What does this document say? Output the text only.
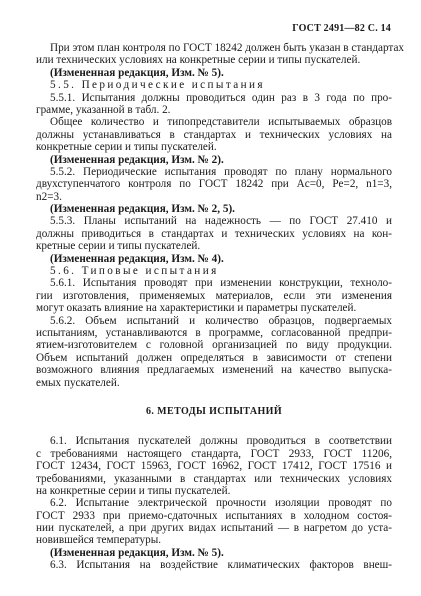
ГОСТ 2491—82 С. 14
При этом план контроля по ГОСТ 18242 должен быть указан в стандартах
или технических условиях на конкретные серии и типы пускателей.
(Измененная редакция, Изм. № 5).
5.5. Периодические испытания
5.5.1. Испытания должны проводиться один раз в 3 года по про-
грамме, указанной в табл. 2.
Общее количество и типопредставители испытываемых образцов
должны устанавливаться в стандартах и технических условиях на
конкретные серии и типы пускателей.
(Измененная редакция, Изм. № 2).
5.5.2. Периодические испытания проводят по плану нормального
двухступенчатого контроля по ГОСТ 18242 при Ac=0, Pe=2, n1=3,
n2=3.
(Измененная редакция, Изм. № 2, 5).
5.5.3. Планы испытаний на надежность — по ГОСТ 27.410 и
должны приводиться в стандартах и технических условиях на кон-
кретные серии и типы пускателей.
(Измененная редакция, Изм. № 4).
5.6. Типовые испытания
5.6.1. Испытания проводят при изменении конструкции, техноло-
гии изготовления, применяемых материалов, если эти изменения
могут оказать влияние на характеристики и параметры пускателей.
5.6.2. Объем испытаний и количество образцов, подвергаемых
испытаниям, устанавливаются в программе, согласованной предпри-
ятием-изготовителем с головной организацией по виду продукции.
Объем испытаний должен определяться в зависимости от степени
возможного влияния предлагаемых изменений на качество выпуска-
емых пускателей.
6. МЕТОДЫ ИСПЫТАНИЙ
6.1. Испытания пускателей должны проводиться в соответствии
с требованиями настоящего стандарта, ГОСТ 2933, ГОСТ 11206,
ГОСТ 12434, ГОСТ 15963, ГОСТ 16962, ГОСТ 17412, ГОСТ 17516 и
требованиями, указанными в стандартах или технических условиях
на конкретные серии и типы пускателей.
6.2. Испытание электрической прочности изоляции проводят по
ГОСТ 2933 при приемо-сдаточных испытаниях в холодном состоя-
нии пускателей, а при других видах испытаний — в нагретом до уста-
новившейся температуры.
(Измененная редакция, Изм. № 5).
6.3. Испытания на воздействие климатических факторов внеш-
